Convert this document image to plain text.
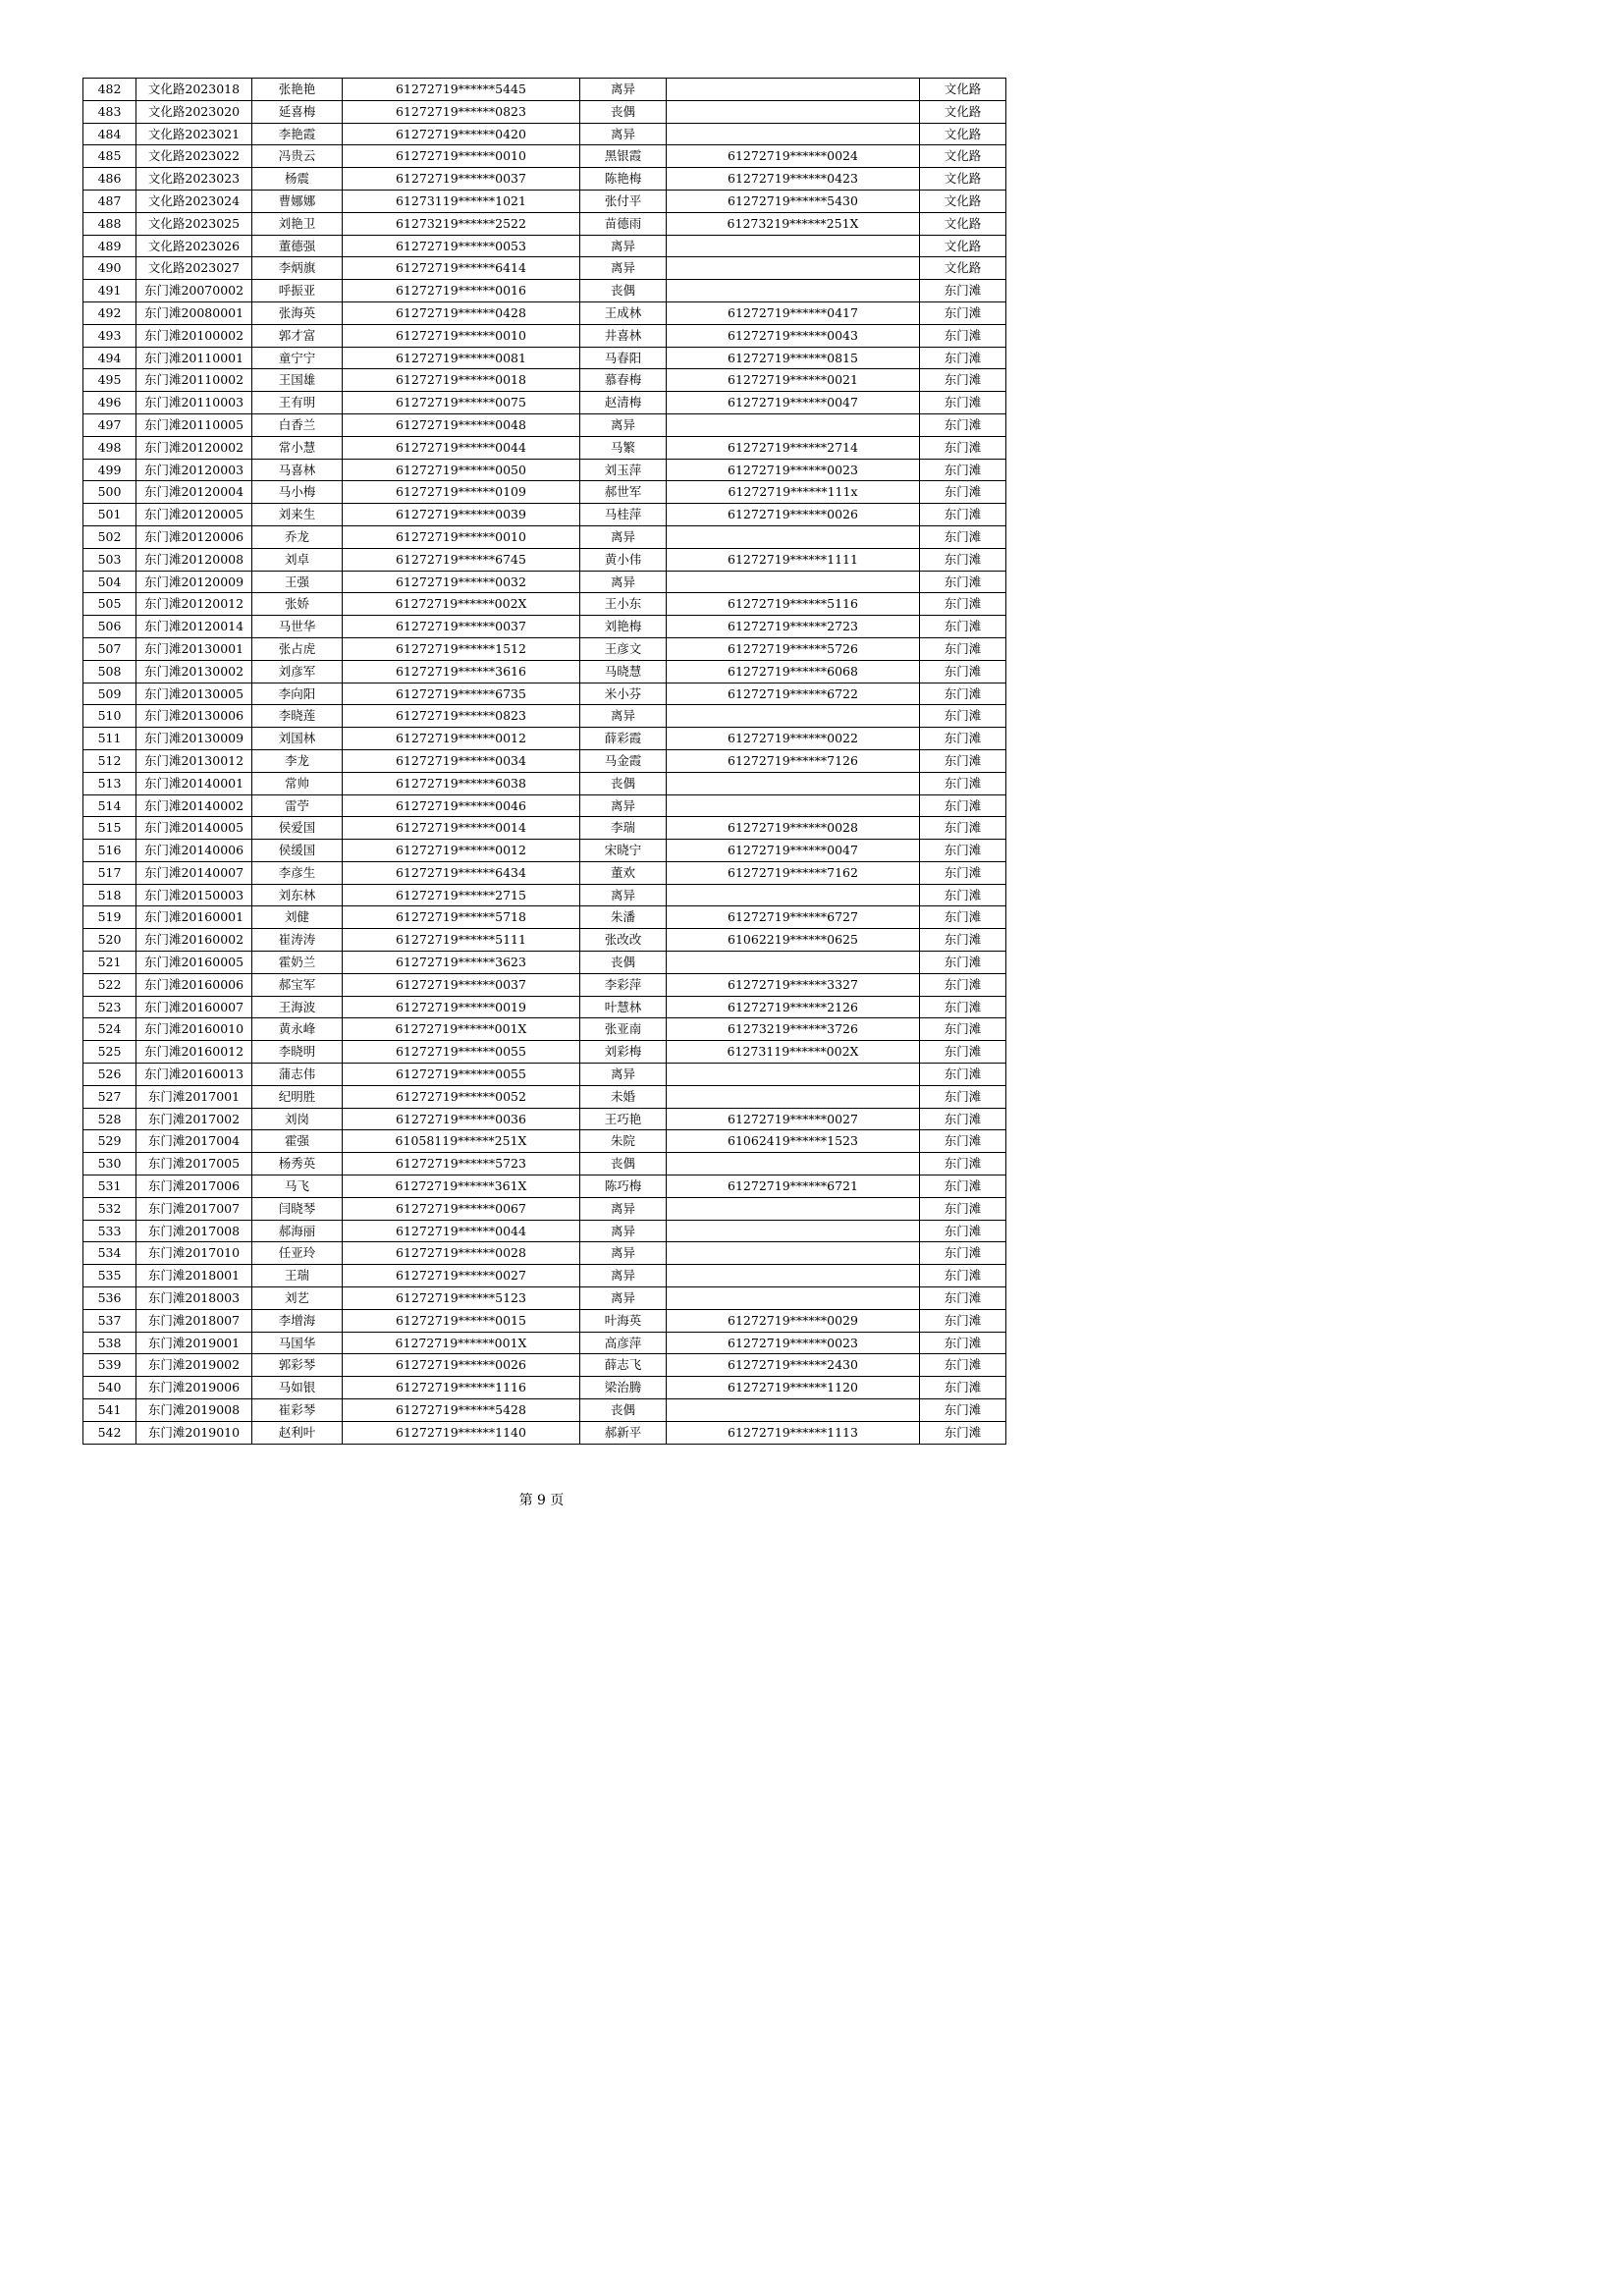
482	文化路2023018	张艳艳	61272719******5445	离异		文化路
483	文化路2023020	延喜梅	61272719******0823	丧偶		文化路
484	文化路2023021	李艳霞	61272719******0420	离异		文化路
485	文化路2023022	冯贵云	61272719******0010	黑银霞	61272719******0024	文化路
486	文化路2023023	杨震	61272719******0037	陈艳梅	61272719******0423	文化路
487	文化路2023024	曹娜娜	61273119******1021	张付平	61272719******5430	文化路
488	文化路2023025	刘艳卫	61273219******2522	苗德雨	61273219******251X	文化路
489	文化路2023026	董德强	61272719******0053	离异		文化路
490	文化路2023027	李炳旗	61272719******6414	离异		文化路
491	东门滩20070002	呼振亚	61272719******0016	丧偶		东门滩
492	东门滩20080001	张海英	61272719******0428	王成林	61272719******0417	东门滩
493	东门滩20100002	郭才富	61272719******0010	井喜林	61272719******0043	东门滩
494	东门滩20110001	童宁宁	61272719******0081	马春阳	61272719******0815	东门滩
495	东门滩20110002	王国雄	61272719******0018	慕春梅	61272719******0021	东门滩
496	东门滩20110003	王有明	61272719******0075	赵清梅	61272719******0047	东门滩
497	东门滩20110005	白香兰	61272719******0048	离异		东门滩
498	东门滩20120002	常小慧	61272719******0044	马繁	61272719******2714	东门滩
499	东门滩20120003	马喜林	61272719******0050	刘玉萍	61272719******0023	东门滩
500	东门滩20120004	马小梅	61272719******0109	郝世军	61272719******111x	东门滩
501	东门滩20120005	刘来生	61272719******0039	马桂萍	61272719******0026	东门滩
502	东门滩20120006	乔龙	61272719******0010	离异		东门滩
503	东门滩20120008	刘卓	61272719******6745	黄小伟	61272719******1111	东门滩
504	东门滩20120009	王强	61272719******0032	离异		东门滩
505	东门滩20120012	张娇	61272719******002X	王小东	61272719******5116	东门滩
506	东门滩20120014	马世华	61272719******0037	刘艳梅	61272719******2723	东门滩
507	东门滩20130001	张占虎	61272719******1512	王彦文	61272719******5726	东门滩
508	东门滩20130002	刘彦军	61272719******3616	马晓慧	61272719******6068	东门滩
509	东门滩20130005	李向阳	61272719******6735	米小芬	61272719******6722	东门滩
510	东门滩20130006	李晓莲	61272719******0823	离异		东门滩
511	东门滩20130009	刘国林	61272719******0012	薛彩霞	61272719******0022	东门滩
512	东门滩20130012	李龙	61272719******0034	马金霞	61272719******7126	东门滩
513	东门滩20140001	常帅	61272719******6038	丧偶		东门滩
514	东门滩20140002	雷苧	61272719******0046	离异		东门滩
515	东门滩20140005	侯爱国	61272719******0014	李瑞	61272719******0028	东门滩
516	东门滩20140006	侯缓国	61272719******0012	宋晓宁	61272719******0047	东门滩
517	东门滩20140007	李彦生	61272719******6434	董欢	61272719******7162	东门滩
518	东门滩20150003	刘东林	61272719******2715	离异		东门滩
519	东门滩20160001	刘健	61272719******5718	朱潘	61272719******6727	东门滩
520	东门滩20160002	崔涛涛	61272719******5111	张改改	61062219******0625	东门滩
521	东门滩20160005	霍奶兰	61272719******3623	丧偶		东门滩
522	东门滩20160006	郝宝军	61272719******0037	李彩萍	61272719******3327	东门滩
523	东门滩20160007	王海波	61272719******0019	叶慧林	61272719******2126	东门滩
524	东门滩20160010	黄永峰	61272719******001X	张亚南	61273219******3726	东门滩
525	东门滩20160012	李晓明	61272719******0055	刘彩梅	61273119******002X	东门滩
526	东门滩20160013	蒲志伟	61272719******0055	离异		东门滩
527	东门滩2017001	纪明胜	61272719******0052	未婚		东门滩
528	东门滩2017002	刘岗	61272719******0036	王巧艳	61272719******0027	东门滩
529	东门滩2017004	霍强	61058119******251X	朱院	61062419******1523	东门滩
530	东门滩2017005	杨秀英	61272719******5723	丧偶		东门滩
531	东门滩2017006	马飞	61272719******361X	陈巧梅	61272719******6721	东门滩
532	东门滩2017007	闫晓琴	61272719******0067	离异		东门滩
533	东门滩2017008	郝海丽	61272719******0044	离异		东门滩
534	东门滩2017010	任亚玲	61272719******0028	离异		东门滩
535	东门滩2018001	王瑞	61272719******0027	离异		东门滩
536	东门滩2018003	刘艺	61272719******5123	离异		东门滩
537	东门滩2018007	李增海	61272719******0015	叶海英	61272719******0029	东门滩
538	东门滩2019001	马国华	61272719******001X	高彦萍	61272719******0023	东门滩
539	东门滩2019002	郭彩琴	61272719******0026	薛志飞	61272719******2430	东门滩
540	东门滩2019006	马如银	61272719******1116	梁治腾	61272719******1120	东门滩
541	东门滩2019008	崔彩琴	61272719******5428	丧偶		东门滩
542	东门滩2019010	赵利叶	61272719******1140	郝新平	61272719******1113	东门滩
第 9 页
